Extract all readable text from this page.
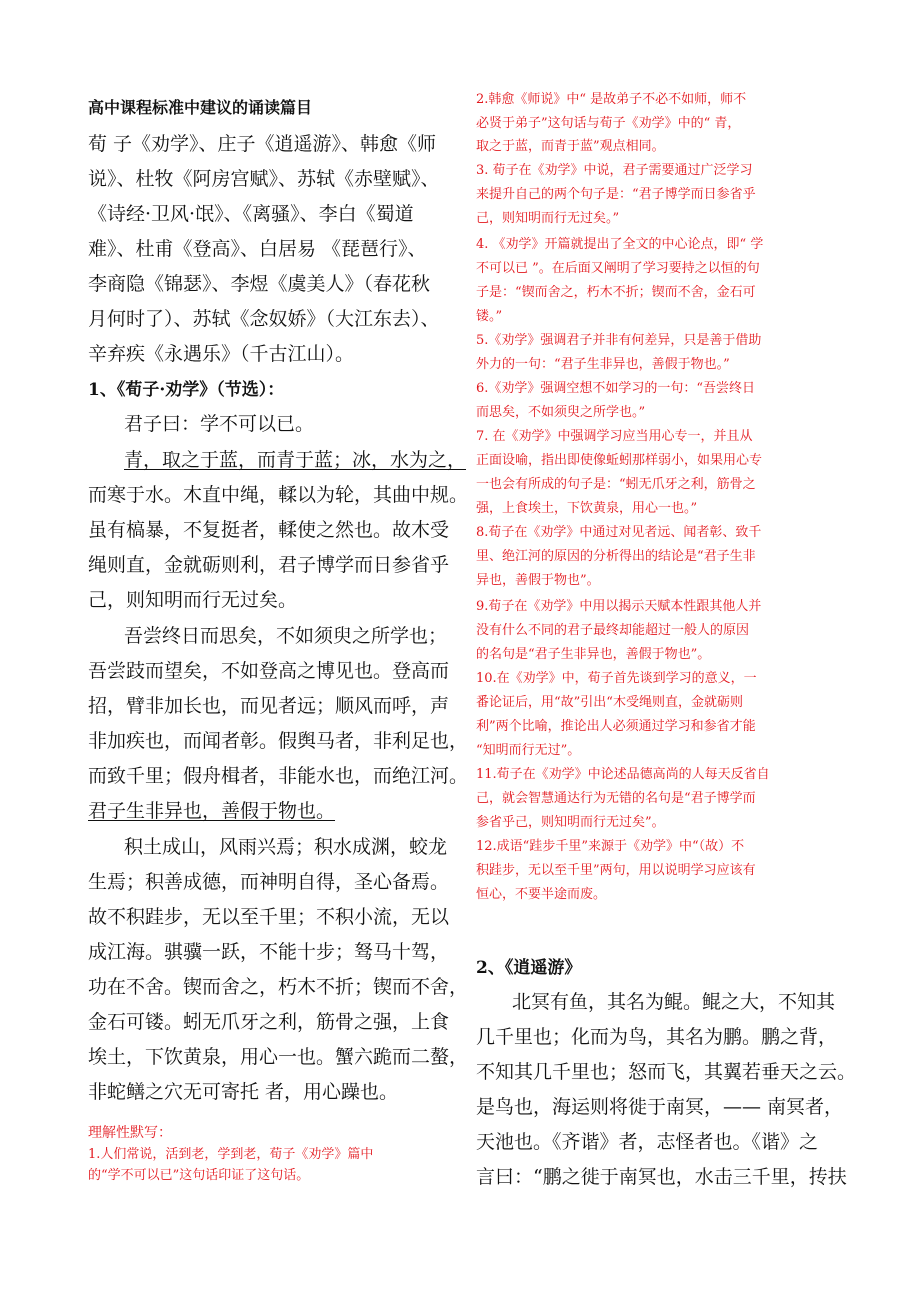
高中课程标准中建议的诵读篇目
荀 子《劝学》、庄子《逍遥游》、韩愈《师
说》、杜牧《阿房宫赋》、苏轼《赤壁赋》、
《诗经·卫风·氓》、《离骚》、李白《蜀道
难》、杜甫《登高》、白居易 《琵琶行》、
李商隐《锦瑟》、李煜《虞美人》（春花秋
月何时了）、苏轼《念奴娇》（大江东去）、
辛弃疾《永遇乐》（千古江山）。
1、《荀子·劝学》（节选）：
君子曰：学不可以已。
青，取之于蓝，而青于蓝；冰，水为之，
而寒于水。木直中绳，輮以为轮，其曲中规。
虽有槁暴，不复挺者，輮使之然也。故木受
绳则直，金就砺则利，君子博学而日参省乎
己，则知明而行无过矣。
吾尝终日而思矣，不如须臾之所学也；
吾尝跂而望矣，不如登高之博见也。登高而
招，臂非加长也，而见者远；顺风而呼，声
非加疾也，而闻者彰。假舆马者，非利足也，
而致千里；假舟楫者，非能水也，而绝江河。
君子生非异也，善假于物也。
积土成山，风雨兴焉；积水成渊，蛟龙
生焉；积善成德，而神明自得，圣心备焉。
故不积跬步，无以至千里；不积小流，无以
成江海。骐骥一跃，不能十步；驽马十驾，
功在不舍。锲而舍之，朽木不折；锲而不舍，
金石可镂。蚓无爪牙之利，筋骨之强，上食
埃土，下饮黄泉，用心一也。蟹六跪而二螯，
非蛇鳝之穴无可寄托 者，用心躁也。
理解性默写：
1.人们常说，活到老，学到老，荀子《劝学》篇中
的“学不可以已”这句话印证了这句话。
2.韩愈《师说》中“ 是故弟子不必不如师，师不
必贤于弟子”这句话与荀子《劝学》中的“ 青，
取之于蓝，而青于蓝”观点相同。
3. 荀子在《劝学》中说，君子需要通过广泛学习
来提升自己的两个句子是：“君子博学而日参省乎
己，则知明而行无过矣。”
4. 《劝学》开篇就提出了全文的中心论点，即“ 学
不可以已 ”。在后面又阐明了学习要持之以恒的句
子是：“锲而舍之，朽木不折；锲而不舍，金石可
镂。”
5.《劝学》强调君子并非有何差异，只是善于借助
外力的一句：“君子生非异也，善假于物也。”
6.《劝学》强调空想不如学习的一句：“吾尝终日
而思矣，不如须臾之所学也。”
7. 在《劝学》中强调学习应当用心专一，并且从
正面设喻，指出即使像蚯蚓那样弱小，如果用心专
一也会有所成的句子是：“蚓无爪牙之利，筋骨之
强，上食埃土，下饮黄泉，用心一也。”
8.荀子在《劝学》中通过对见者远、闻者彰、致千
里、绝江河的原因的分析得出的结论是“君子生非
异也，善假于物也”。
9.荀子在《劝学》中用以揭示天赋本性跟其他人并
没有什么不同的君子最终却能超过一般人的原因
的名句是“君子生非异也，善假于物也”。
10.在《劝学》中，荀子首先谈到学习的意义，一
番论证后，用“故”引出“木受绳则直，金就砺则
利”两个比喻，推论出人必须通过学习和参省才能
“知明而行无过”。
11.荀子在《劝学》中论述品德高尚的人每天反省自
己，就会智慧通达行为无错的名句是“君子博学而
参省乎己，则知明而行无过矣”。
12.成语“跬步千里”来源于《劝学》中“（故）不
积跬步，无以至千里”两句，用以说明学习应该有
恒心，不要半途而废。
2、《逍遥游》
北冥有鱼，其名为鲲。鲲之大，不知其
几千里也；化而为鸟，其名为鹏。鹏之背，
不知其几千里也；怒而飞，其翼若垂天之云。
是鸟也，海运则将徙于南冥，—— 南冥者，
天池也。《齐谐》者，志怪者也。《谐》之
言曰：“鹏之徙于南冥也，水击三千里，抟扶
